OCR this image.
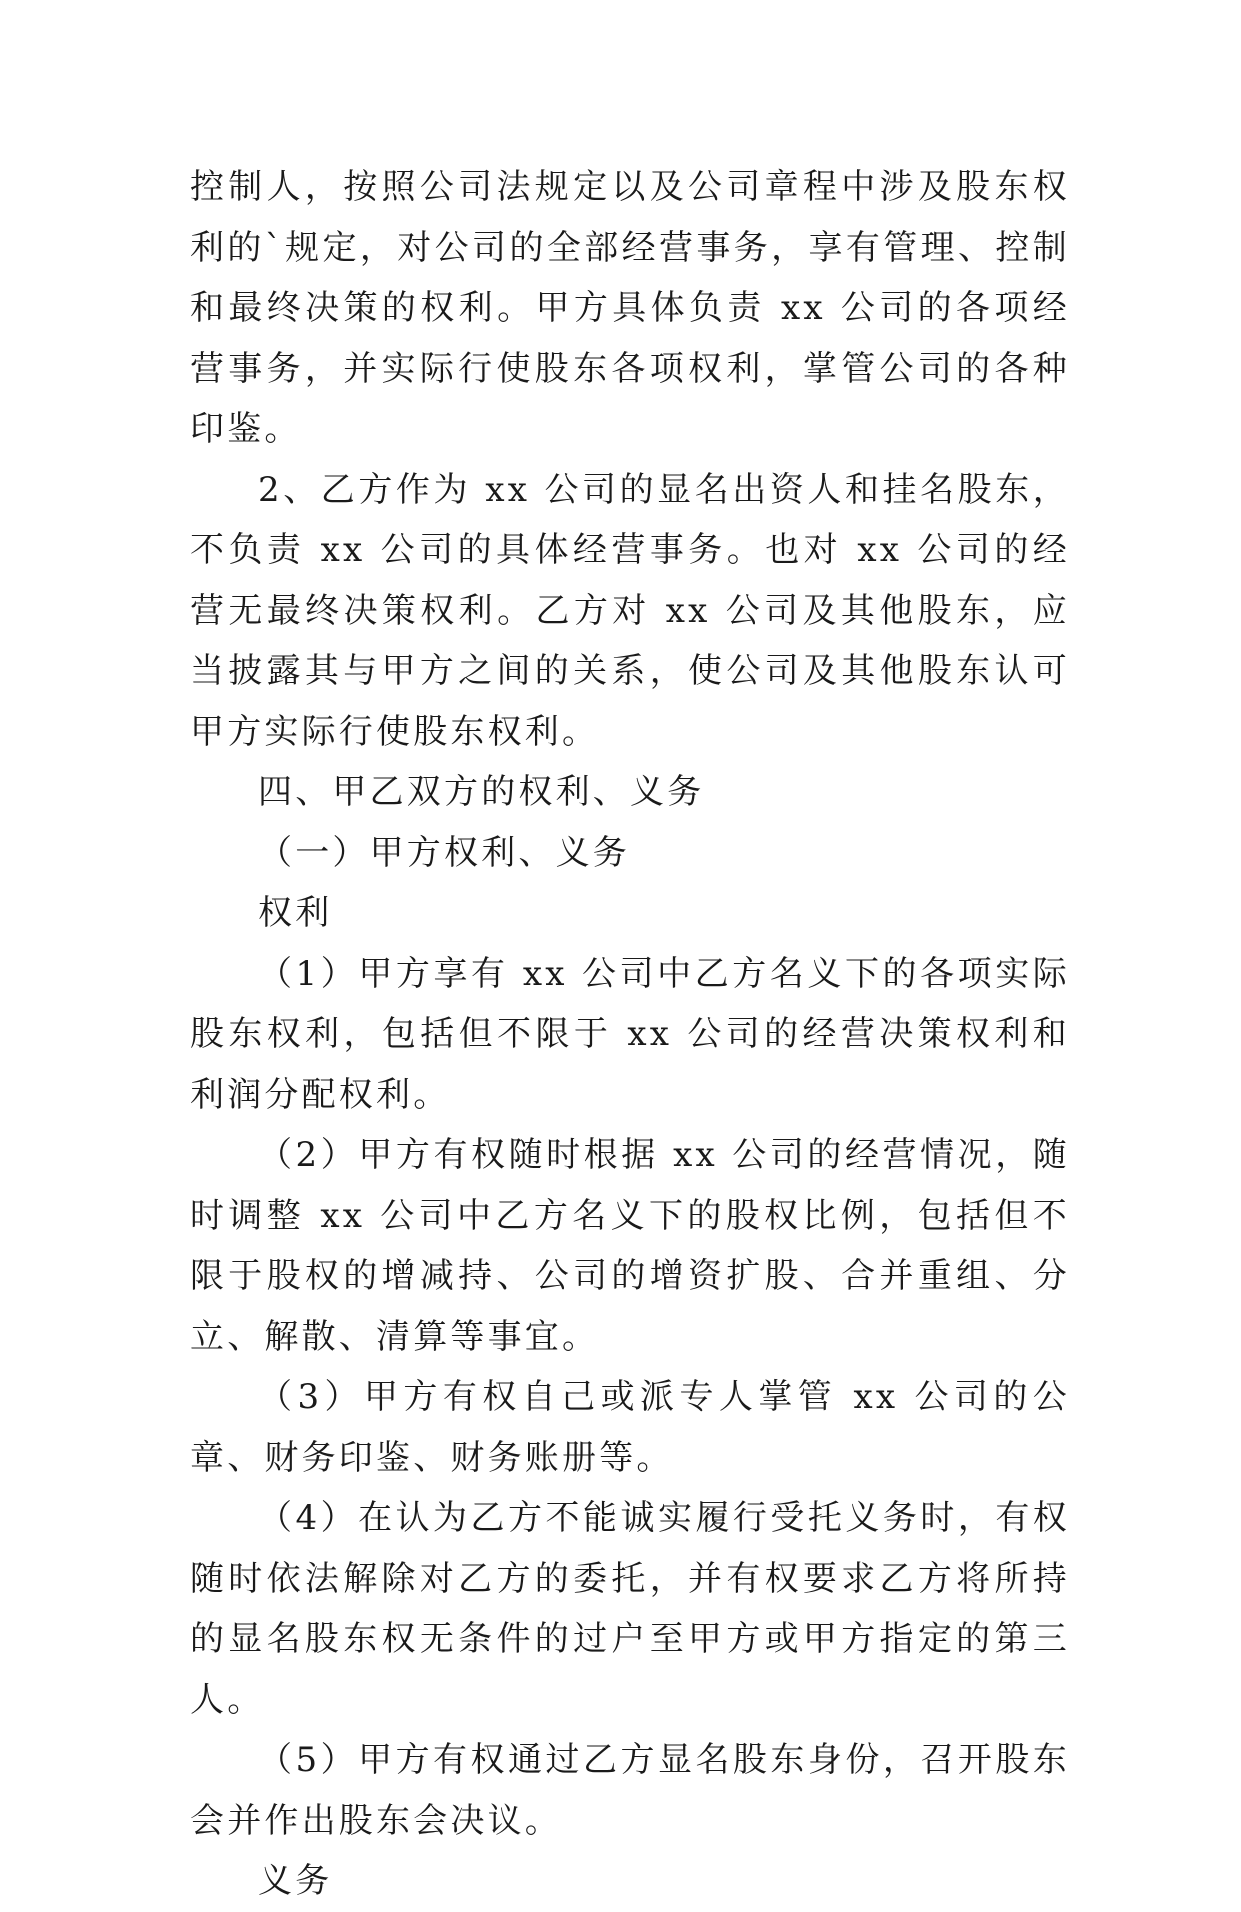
控制人，按照公司法规定以及公司章程中涉及股东权利的`规定，对公司的全部经营事务，享有管理、控制和最终决策的权利。甲方具体负责 xx 公司的各项经营事务，并实际行使股东各项权利，掌管公司的各种印鉴。

2、乙方作为 xx 公司的显名出资人和挂名股东，不负责 xx 公司的具体经营事务。也对 xx 公司的经营无最终决策权利。乙方对 xx 公司及其他股东，应当披露其与甲方之间的关系，使公司及其他股东认可甲方实际行使股东权利。

四、甲乙双方的权利、义务

（一）甲方权利、义务

权利

（1）甲方享有 xx 公司中乙方名义下的各项实际股东权利，包括但不限于 xx 公司的经营决策权利和利润分配权利。

（2）甲方有权随时根据 xx 公司的经营情况，随时调整 xx 公司中乙方名义下的股权比例，包括但不限于股权的增减持、公司的增资扩股、合并重组、分立、解散、清算等事宜。

（3）甲方有权自己或派专人掌管 xx 公司的公章、财务印鉴、财务账册等。

（4）在认为乙方不能诚实履行受托义务时，有权随时依法解除对乙方的委托，并有权要求乙方将所持的显名股东权无条件的过户至甲方或甲方指定的第三人。

（5）甲方有权通过乙方显名股东身份，召开股东会并作出股东会决议。

义务
